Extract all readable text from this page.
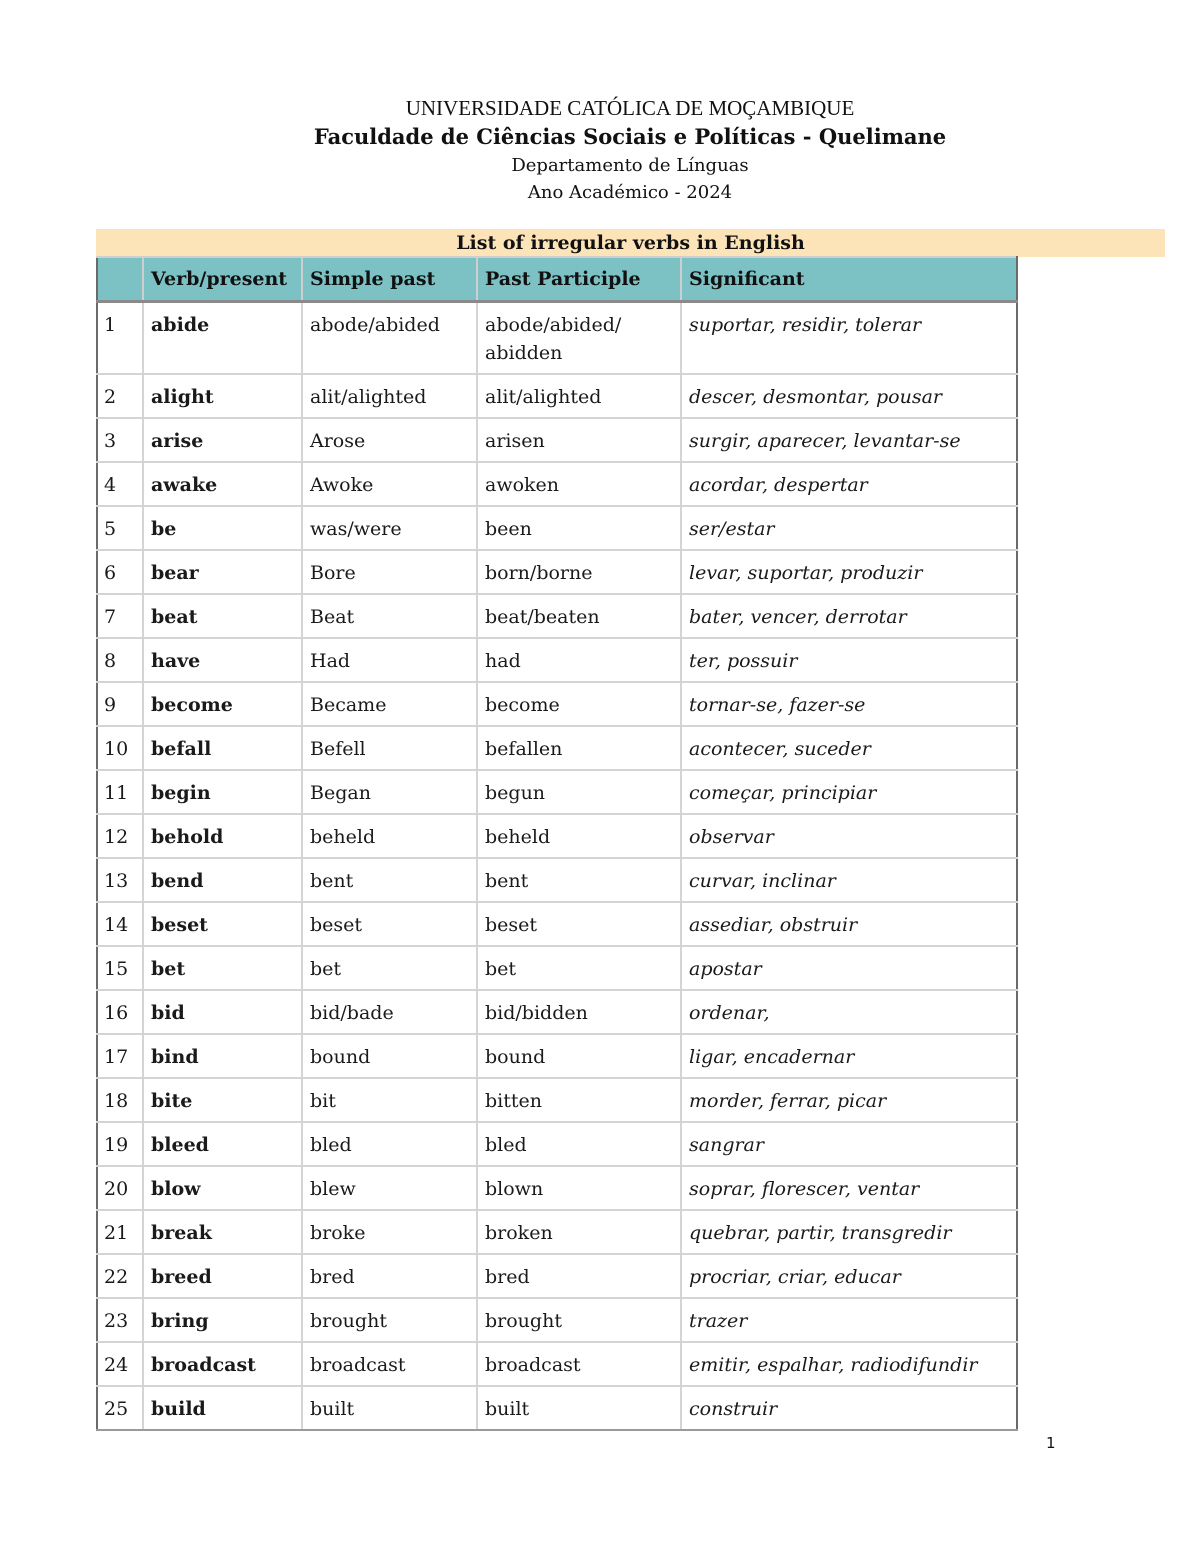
UNIVERSIDADE CATÓLICA DE MOÇAMBIQUE
Faculdade de Ciências Sociais e Políticas - Quelimane
Departamento de Línguas
Ano Académico - 2024
List of irregular verbs in English
	Verb/present	Simple past	Past Participle	Significant
1	abide	abode/abided	abode/abided/ abidden	suportar, residir, tolerar
2	alight	alit/alighted	alit/alighted	descer, desmontar, pousar
3	arise	Arose	arisen	surgir, aparecer, levantar-se
4	awake	Awoke	awoken	acordar, despertar
5	be	was/were	been	ser/estar
6	bear	Bore	born/borne	levar, suportar, produzir
7	beat	Beat	beat/beaten	bater, vencer, derrotar
8	have	Had	had	ter, possuir
9	become	Became	become	tornar-se, fazer-se
10	befall	Befell	befallen	acontecer, suceder
11	begin	Began	begun	começar, principiar
12	behold	beheld	beheld	observar
13	bend	bent	bent	curvar, inclinar
14	beset	beset	beset	assediar, obstruir
15	bet	bet	bet	apostar
16	bid	bid/bade	bid/bidden	ordenar,
17	bind	bound	bound	ligar, encadernar
18	bite	bit	bitten	morder, ferrar, picar
19	bleed	bled	bled	sangrar
20	blow	blew	blown	soprar, florescer, ventar
21	break	broke	broken	quebrar, partir, transgredir
22	breed	bred	bred	procriar, criar, educar
23	bring	brought	brought	trazer
24	broadcast	broadcast	broadcast	emitir, espalhar, radiodifundir
25	build	built	built	construir
1
